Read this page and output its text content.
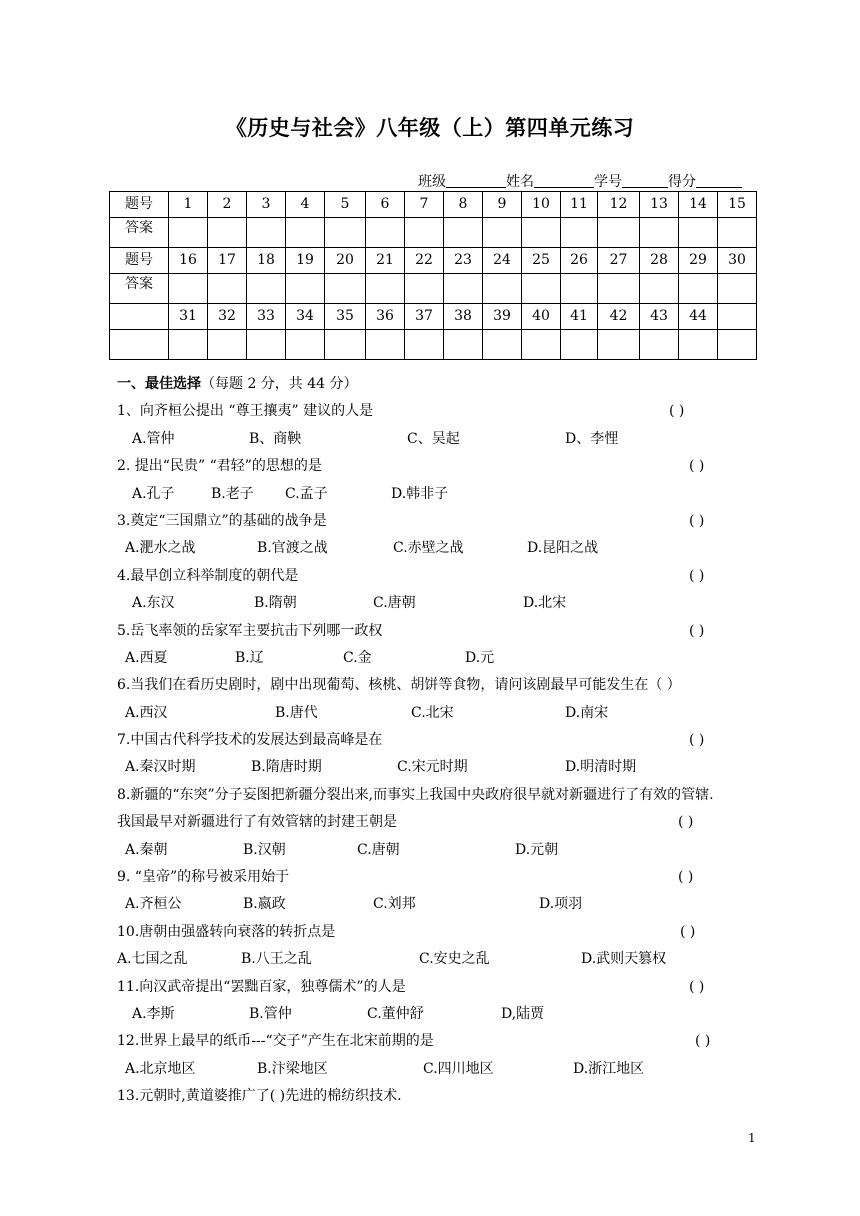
《历史与社会》八年级（上）第四单元练习
班级	姓名	学号	得分
题号	1	2	3	4	5	6	7	8	9	10	11	12	13	14	15
答案															
题号	16	17	18	19	20	21	22	23	24	25	26	27	28	29	30
答案															
	31	32	33	34	35	36	37	38	39	40	41	42	43	44	

一、最佳选择（每题 2 分，共 44 分）
1、向齐桓公提出 “尊王攘夷” 建议的人是	( )
A.管仲	B、商鞅	C、吴起	D、李悝
2. 提出“民贵” “君轻”的思想的是	( )
A.孔子	B.老子 C.孟子	D.韩非子
3.奠定“三国鼎立”的基础的战争是	( )
A.淝水之战	B.官渡之战	C.赤壁之战	D.昆阳之战
4.最早创立科举制度的朝代是	( )
A.东汉	B.隋朝	C.唐朝	D.北宋
5.岳飞率领的岳家军主要抗击下列哪一政权	( )
A.西夏	B.辽	C.金	D.元
6.当我们在看历史剧时，剧中出现葡萄、核桃、胡饼等食物，请问该剧最早可能发生在（ ）
A.西汉	B.唐代	C.北宋	D.南宋
7.中国古代科学技术的发展达到最高峰是在	( )
A.秦汉时期	B.隋唐时期	C.宋元时期	D.明清时期
8.新疆的“东突”分子妄图把新疆分裂出来,而事实上我国中央政府很早就对新疆进行了有效的管辖.
我国最早对新疆进行了有效管辖的封建王朝是	( )
A.秦朝	B.汉朝	C.唐朝	D.元朝
9. “皇帝”的称号被采用始于	( )
A.齐桓公	B.嬴政	C.刘邦	D.项羽
10.唐朝由强盛转向衰落的转折点是	( )
A.七国之乱	B.八王之乱	C.安史之乱	D.武则天篡权
11.向汉武帝提出“罢黜百家，独尊儒术”的人是	( )
A.李斯	B.管仲	C.董仲舒	D,陆贾
12.世界上最早的纸币---“交子”产生在北宋前期的是	( )
A.北京地区	B.汴梁地区	C.四川地区	D.浙江地区
13.元朝时,黄道婆推广了( )先进的棉纺织技术.
1
